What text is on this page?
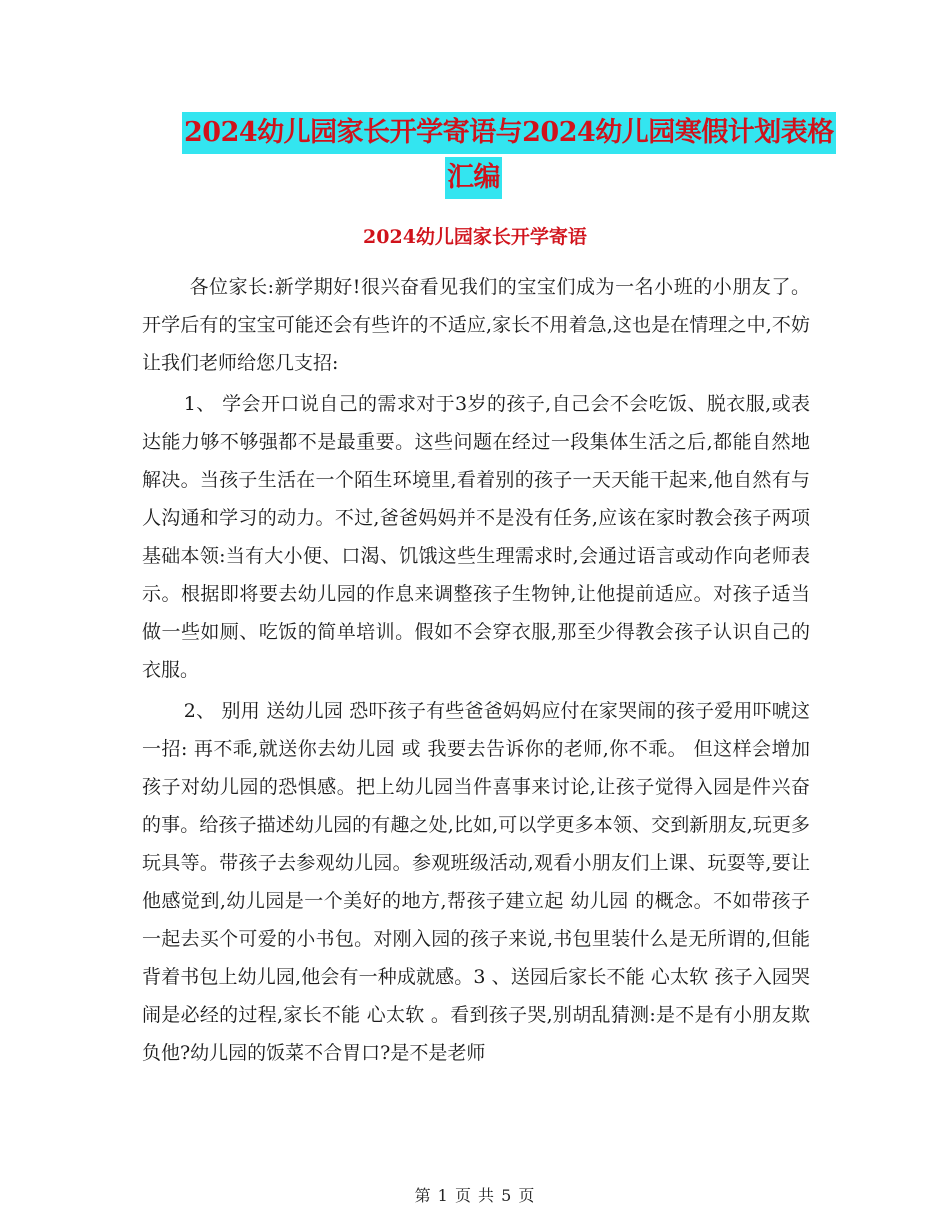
2024幼儿园家长开学寄语与2024幼儿园寒假计划表格
汇编
2024幼儿园家长开学寄语

各位家长:新学期好!很兴奋看见我们的宝宝们成为一名小班的小朋友了。开学后有的宝宝可能还会有些许的不适应,家长不用着急,这也是在情理之中,不妨让我们老师给您几支招:

1、 学会开口说自己的需求对于3岁的孩子,自己会不会吃饭、脱衣服,或表达能力够不够强都不是最重要。这些问题在经过一段集体生活之后,都能自然地解决。当孩子生活在一个陌生环境里,看着别的孩子一天天能干起来,他自然有与人沟通和学习的动力。不过,爸爸妈妈并不是没有任务,应该在家时教会孩子两项基础本领:当有大小便、口渴、饥饿这些生理需求时,会通过语言或动作向老师表示。根据即将要去幼儿园的作息来调整孩子生物钟,让他提前适应。对孩子适当做一些如厕、吃饭的简单培训。假如不会穿衣服,那至少得教会孩子认识自己的衣服。

2、 别用 送幼儿园 恐吓孩子有些爸爸妈妈应付在家哭闹的孩子爱用吓唬这一招: 再不乖,就送你去幼儿园 或 我要去告诉你的老师,你不乖。 但这样会增加孩子对幼儿园的恐惧感。把上幼儿园当件喜事来讨论,让孩子觉得入园是件兴奋的事。给孩子描述幼儿园的有趣之处,比如,可以学更多本领、交到新朋友,玩更多玩具等。带孩子去参观幼儿园。参观班级活动,观看小朋友们上课、玩耍等,要让他感觉到,幼儿园是一个美好的地方,帮孩子建立起 幼儿园 的概念。不如带孩子一起去买个可爱的小书包。对刚入园的孩子来说,书包里装什么是无所谓的,但能背着书包上幼儿园,他会有一种成就感。3 、送园后家长不能 心太软 孩子入园哭闹是必经的过程,家长不能 心太软 。看到孩子哭,别胡乱猜测:是不是有小朋友欺负他?幼儿园的饭菜不合胃口?是不是老师

第 1 页 共 5 页
